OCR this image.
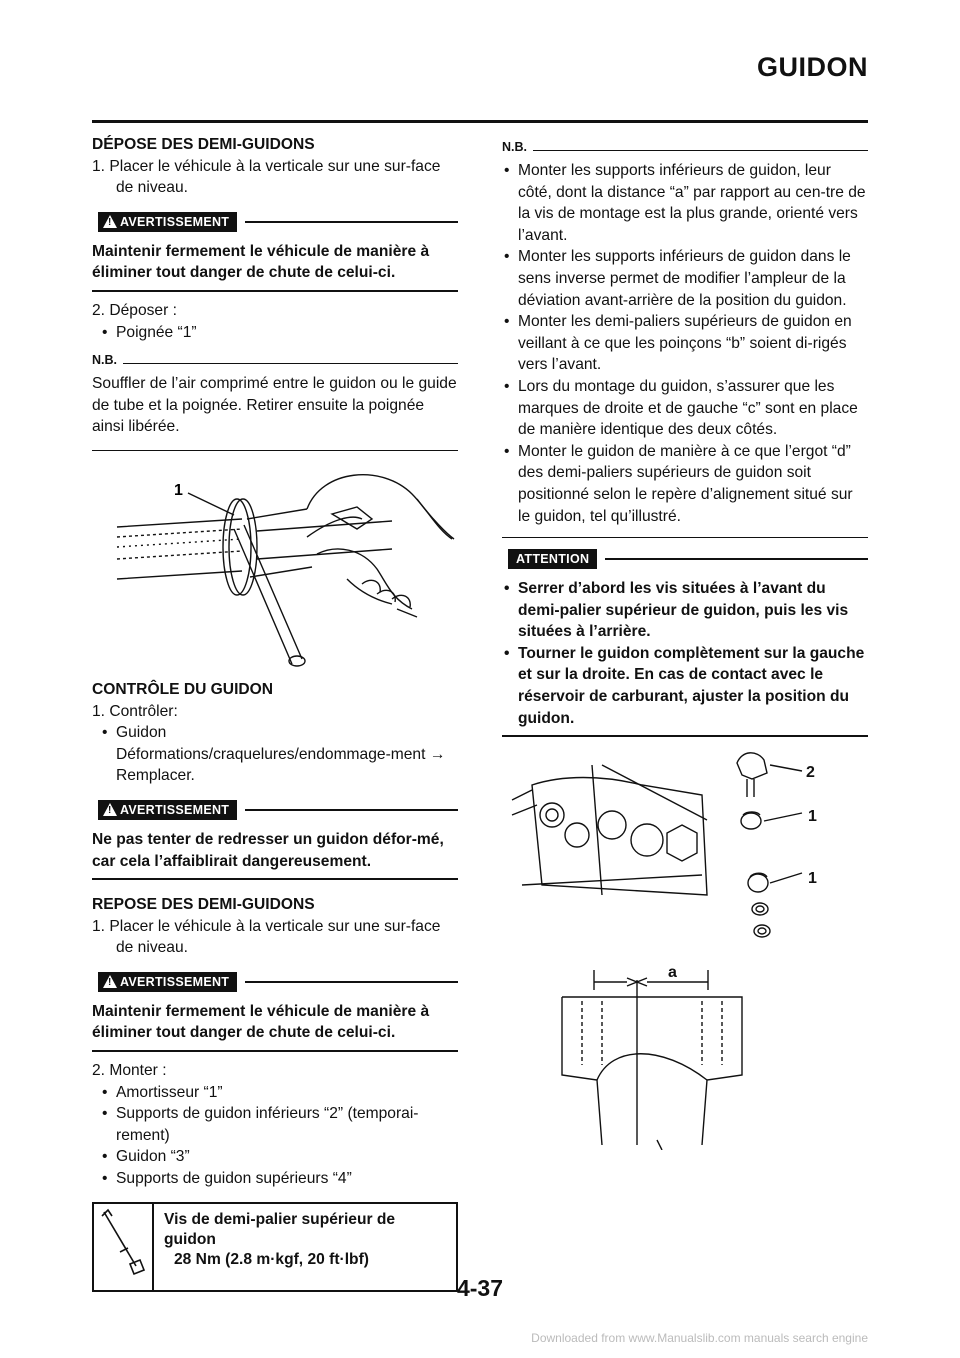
GUIDON

DÉPOSE DES DEMI-GUIDONS

1. Placer le véhicule à la verticale sur une sur-face de niveau.

!
AVERTISSEMENT

Maintenir fermement le véhicule de manière à éliminer tout danger de chute de celui-ci.

2. Déposer :

• Poignée “1”

N.B.

Souffler de l’air comprimé entre le guidon ou le guide de tube et la poignée. Retirer ensuite la poignée ainsi libérée.

1

CONTRÔLE DU GUIDON

1. Contrôler:

• Guidon

Déformations/craquelures/endommage-ment → Remplacer.

!
AVERTISSEMENT

Ne pas tenter de redresser un guidon défor-mé, car cela l’affaiblirait dangereusement.

REPOSE DES DEMI-GUIDONS

1. Placer le véhicule à la verticale sur une sur-face de niveau.

!
AVERTISSEMENT

Maintenir fermement le véhicule de manière à éliminer tout danger de chute de celui-ci.

2. Monter :

• Amortisseur “1”

• Supports de guidon inférieurs “2” (temporai-rement)

• Guidon “3”

• Supports de guidon supérieurs “4”

Vis de demi-palier supérieur de guidon
28 Nm (2.8 m·kgf, 20 ft·lbf)
N.B.

• Monter les supports inférieurs de guidon, leur côté, dont la distance “a” par rapport au cen-tre de la vis de montage est la plus grande, orienté vers l’avant.

• Monter les supports inférieurs de guidon dans le sens inverse permet de modifier l’ampleur de la déviation avant-arrière de la position du guidon.

• Monter les demi-paliers supérieurs de guidon en veillant à ce que les poinçons “b” soient di-rigés vers l’avant.

• Lors du montage du guidon, s’assurer que les marques de droite et de gauche “c” sont en place de manière identique des deux côtés.

• Monter le guidon de manière à ce que l’ergot “d” des demi-paliers supérieurs de guidon soit positionné selon le repère d’alignement situé sur le guidon, tel qu’illustré.

ATTENTION

• Serrer d’abord les vis situées à l’avant du demi-palier supérieur de guidon, puis les vis situées à l’arrière.

• Tourner le guidon complètement sur la gauche et sur la droite. En cas de contact avec le réservoir de carburant, ajuster la position du guidon.

2
1
1
a
4-37
Downloaded from www.Manualslib.com manuals search engine
